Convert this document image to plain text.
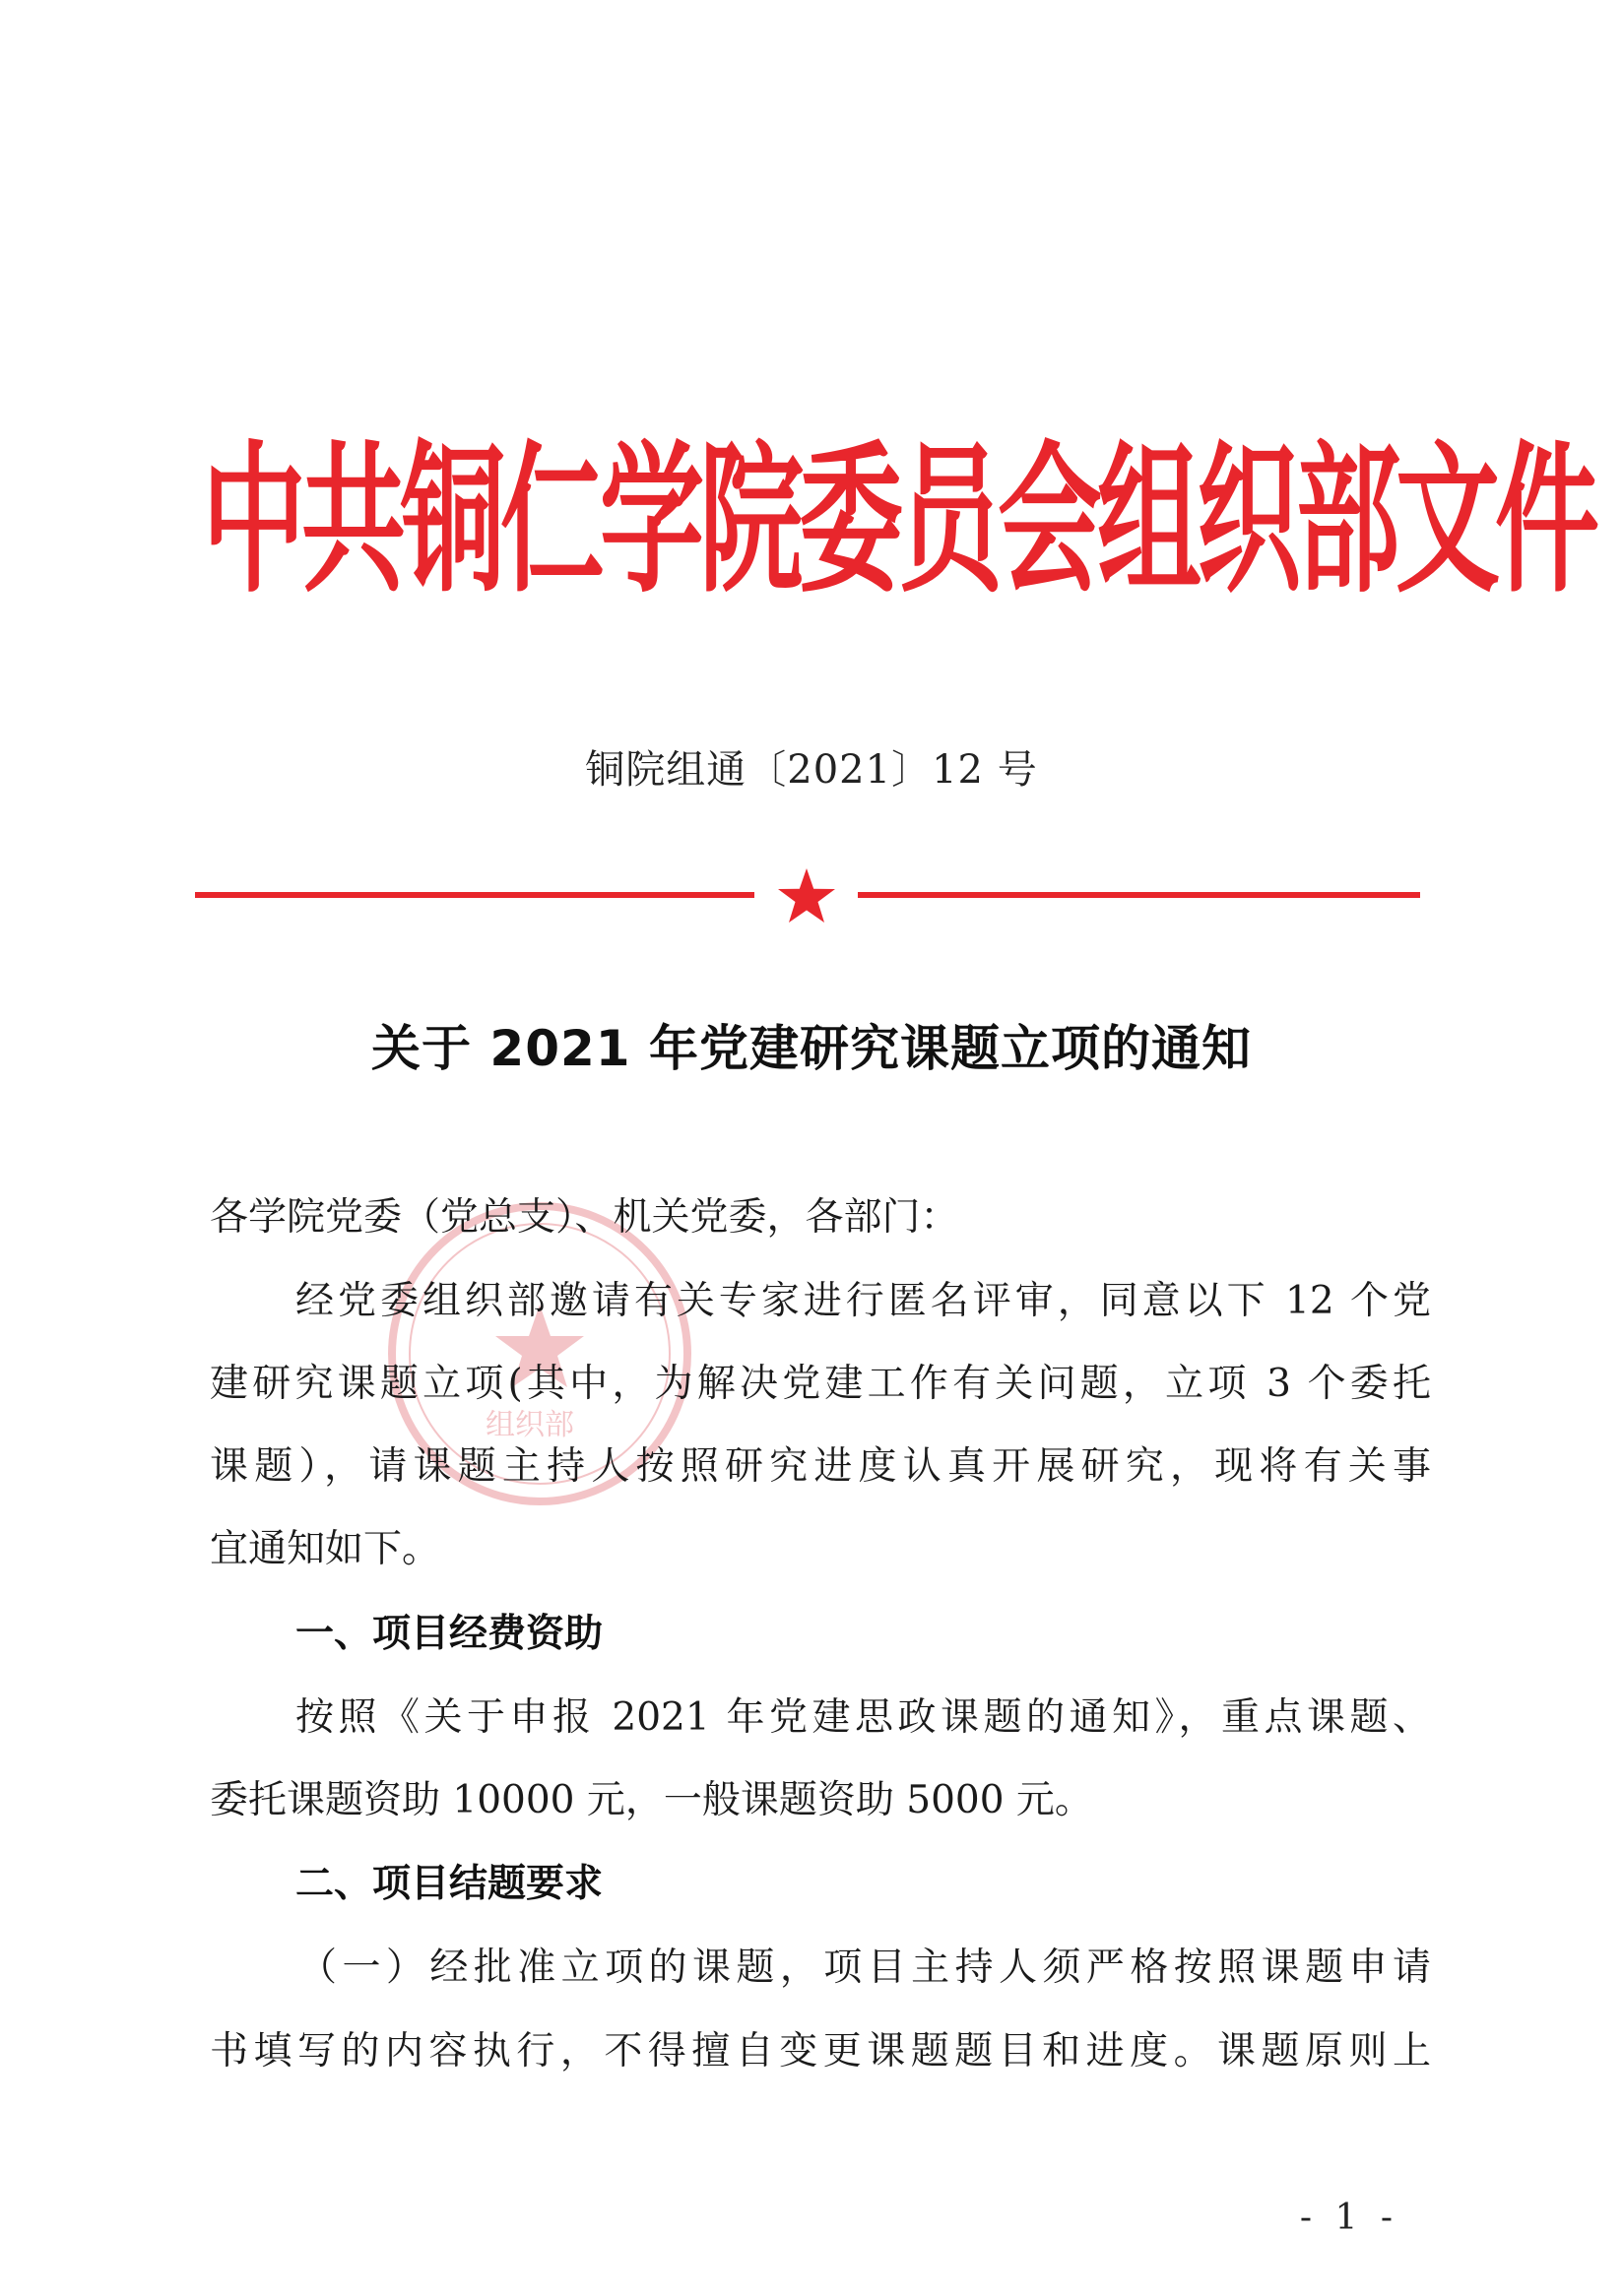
中共铜仁学院委员会组织部文件
铜院组通〔2021〕12 号
关于 2021 年党建研究课题立项的通知
组织部
各学院党委（党总支）、机关党委，各部门：
经党委组织部邀请有关专家进行匿名评审，同意以下 12 个党
建研究课题立项(其中，为解决党建工作有关问题，立项 3 个委托
课题），请课题主持人按照研究进度认真开展研究，现将有关事
宜通知如下。
一、项目经费资助
按照《关于申报 2021 年党建思政课题的通知》，重点课题、
委托课题资助 10000 元，一般课题资助 5000 元。
二、项目结题要求
（一）经批准立项的课题，项目主持人须严格按照课题申请
书填写的内容执行，不得擅自变更课题题目和进度。课题原则上
- 1 -
